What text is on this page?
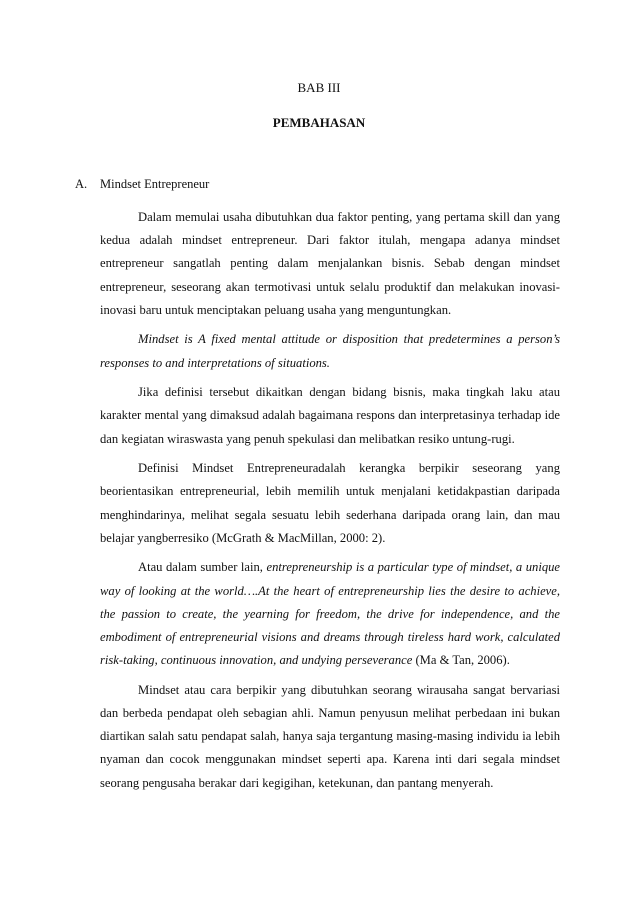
BAB III
PEMBAHASAN
A. Mindset Entrepreneur

Dalam memulai usaha dibutuhkan dua faktor penting, yang pertama skill dan yang kedua adalah mindset entrepreneur. Dari faktor itulah, mengapa adanya mindset entrepreneur sangatlah penting dalam menjalankan bisnis. Sebab dengan mindset entrepreneur, seseorang akan termotivasi untuk selalu produktif dan melakukan inovasi-inovasi baru untuk menciptakan peluang usaha yang menguntungkan.

Mindset is A fixed mental attitude or disposition that predetermines a person’s responses to and interpretations of situations.

Jika definisi tersebut dikaitkan dengan bidang bisnis, maka tingkah laku atau karakter mental yang dimaksud adalah bagaimana respons dan interpretasinya terhadap ide dan kegiatan wiraswasta yang penuh spekulasi dan melibatkan resiko untung-rugi.

Definisi Mindset Entrepreneuradalah kerangka berpikir seseorang yang beorientasikan entrepreneurial, lebih memilih untuk menjalani ketidakpastian daripada menghindarinya, melihat segala sesuatu lebih sederhana daripada orang lain, dan mau belajar yangberresiko (McGrath & MacMillan, 2000: 2).

Atau dalam sumber lain, entrepreneurship is a particular type of mindset, a unique way of looking at the world….At the heart of entrepreneurship lies the desire to achieve, the passion to create, the yearning for freedom, the drive for independence, and the embodiment of entrepreneurial visions and dreams through tireless hard work, calculated risk-taking, continuous innovation, and undying perseverance (Ma & Tan, 2006).

Mindset atau cara berpikir yang dibutuhkan seorang wirausaha sangat bervariasi dan berbeda pendapat oleh sebagian ahli. Namun penyusun melihat perbedaan ini bukan diartikan salah satu pendapat salah, hanya saja tergantung masing-masing individu ia lebih nyaman dan cocok menggunakan mindset seperti apa. Karena inti dari segala mindset seorang pengusaha berakar dari kegigihan, ketekunan, dan pantang menyerah.
